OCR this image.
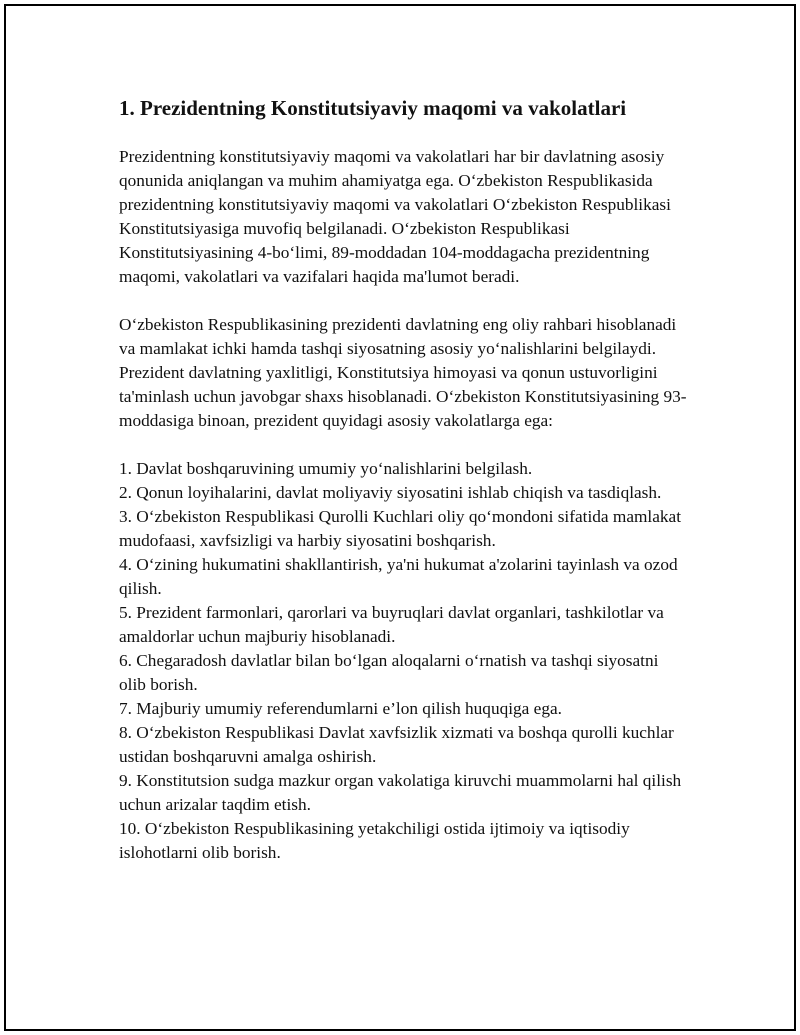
1. Prezidentning Konstitutsiyaviy maqomi va vakolatlari

Prezidentning konstitutsiyaviy maqomi va vakolatlari har bir davlatning asosiy qonunida aniqlangan va muhim ahamiyatga ega. O‘zbekiston Respublikasida prezidentning konstitutsiyaviy maqomi va vakolatlari O‘zbekiston Respublikasi Konstitutsiyasiga muvofiq belgilanadi. O‘zbekiston Respublikasi Konstitutsiyasining 4-bo‘limi, 89-moddadan 104-moddagacha prezidentning maqomi, vakolatlari va vazifalari haqida ma'lumot beradi.

O‘zbekiston Respublikasining prezidenti davlatning eng oliy rahbari hisoblanadi va mamlakat ichki hamda tashqi siyosatning asosiy yo‘nalishlarini belgilaydi. Prezident davlatning yaxlitligi, Konstitutsiya himoyasi va qonun ustuvorligini ta'minlash uchun javobgar shaxs hisoblanadi. O‘zbekiston Konstitutsiyasining 93-moddasiga binoan, prezident quyidagi asosiy vakolatlarga ega:

1. Davlat boshqaruvining umumiy yo‘nalishlarini belgilash.
2. Qonun loyihalarini, davlat moliyaviy siyosatini ishlab chiqish va tasdiqlash.
3. O‘zbekiston Respublikasi Qurolli Kuchlari oliy qo‘mondoni sifatida mamlakat mudofaasi, xavfsizligi va harbiy siyosatini boshqarish.
4. O‘zining hukumatini shakllantirish, ya'ni hukumat a'zolarini tayinlash va ozod qilish.
5. Prezident farmonlari, qarorlari va buyruqlari davlat organlari, tashkilotlar va amaldorlar uchun majburiy hisoblanadi.
6. Chegaradosh davlatlar bilan bo‘lgan aloqalarni o‘rnatish va tashqi siyosatni olib borish.
7. Majburiy umumiy referendumlarni e’lon qilish huquqiga ega.
8. O‘zbekiston Respublikasi Davlat xavfsizlik xizmati va boshqa qurolli kuchlar ustidan boshqaruvni amalga oshirish.
9. Konstitutsion sudga mazkur organ vakolatiga kiruvchi muammolarni hal qilish uchun arizalar taqdim etish.
10. O‘zbekiston Respublikasining yetakchiligi ostida ijtimoiy va iqtisodiy islohotlarni olib borish.
